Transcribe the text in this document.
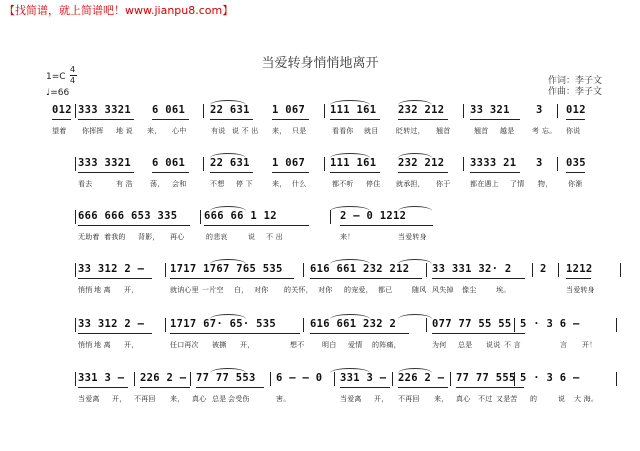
【找简谱，就上简谱吧！www.jianpu8.com】
当爱转身悄悄地离开
作词：李子文
作曲：李子文
1=C
4
4
♩=66
012 333 3321 6 061 22 631 1 067 111 161 232 212 33 321	3 012
望着 你挥挥 地 说 来， 心中	有说 说 不 出 来， 只是	看看你 就目	眨转过， 翘首	翘首 越是	考 忘。 你说
333 3321 6 061 22 631 1 067 111 161 232 212 3333 21 3 035
看去	有 浩 荡， 会和	不想 停 下	来， 什么	都不听 停住 就承担， 你于	都在遇上 了情 物， 你渐
666 666 653 335	666 66 1 12	2 — 0 1212
无助着 着我的 背影， 再心	的悲哀	说 不 出	来！	当爱转身
33 312 2 — 1717 1767 765 535	616 661 232 212 33 331 32· 2	2 1212
悄悄 地 离 开，	就讷心里 一片空 白， 对你 的关怀， 对你 的宠爱， 都已	随风 风失掉 像尘	埃。	当爱转身
33 312 2 — 1717 67· 65· 535	616 661 232 2	077 77 55 55 5 · 3 6 —
悄悄 地 离 开，	任口再次 被撕 开，	想不	明白 爱情 的阵痛，	为何 总是 说说 不 言	言 开！
331 3 — 226 2 — 77 77 553 6 — — 0 331 3 — 226 2 — 77 77 555 5 · 3 6 —
当爱离 开， 不再回 来， 真心 总是 会受伤	害。	当爱离 开， 不再回 来， 真心 不过 又是苦 的	说 大 海。
